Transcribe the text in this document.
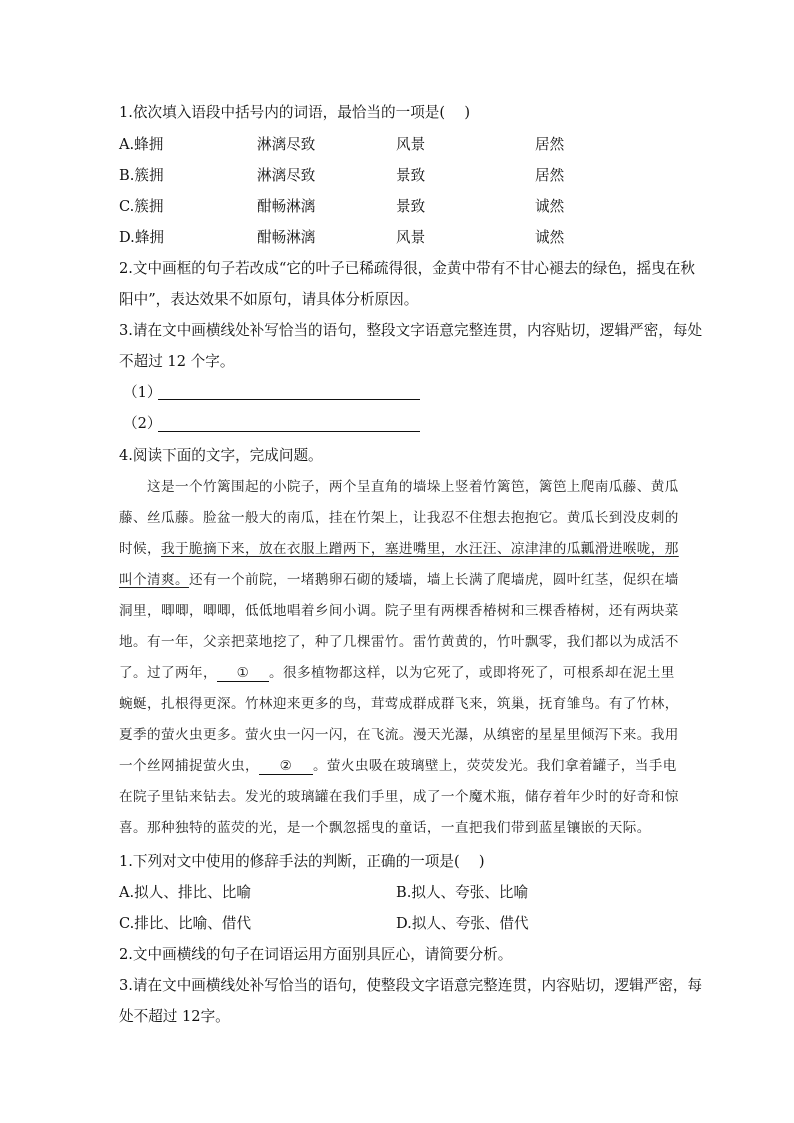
1.依次填入语段中括号内的词语，最恰当的一项是(　 )
A.蜂拥	淋漓尽致	风景	居然
B.簇拥	淋漓尽致	景致	居然
C.簇拥	酣畅淋漓	景致	诚然
D.蜂拥	酣畅淋漓	风景	诚然
2.文中画框的句子若改成“它的叶子已稀疏得很，金黄中带有不甘心褪去的绿色，摇曳在秋
阳中”，表达效果不如原句，请具体分析原因。
3.请在文中画横线处补写恰当的语句，整段文字语意完整连贯，内容贴切，逻辑严密，每处
不超过 12 个字。
（1）
（2）
4.阅读下面的文字，完成问题。
这是一个竹篱围起的小院子，两个呈直角的墙垛上竖着竹篱笆，篱笆上爬南瓜藤、黄瓜
藤、丝瓜藤。脸盆一般大的南瓜，挂在竹架上，让我忍不住想去抱抱它。黄瓜长到没皮刺的
时候，我于脆摘下来，放在衣服上蹭两下，塞进嘴里，水汪汪、凉津津的瓜瓤滑进喉咙，那
叫个清爽。还有一个前院，一堵鹅卵石砌的矮墙，墙上长满了爬墙虎，圆叶红茎，促织在墙
洞里，唧唧，唧唧，低低地唱着乡间小调。院子里有两棵香椿树和三棵香椿树，还有两块菜
地。有一年，父亲把菜地挖了，种了几棵雷竹。雷竹黄黄的，竹叶飘零，我们都以为成活不
了。过了两年， ① 。很多植物都这样，以为它死了，或即将死了，可根系却在泥土里
蜿蜒，扎根得更深。竹林迎来更多的鸟，茸莺成群成群飞来，筑巢，抚育雏鸟。有了竹林，
夏季的萤火虫更多。萤火虫一闪一闪，在飞流。漫天光瀑，从缜密的星星里倾泻下来。我用
一个丝网捕捉萤火虫， ② 。萤火虫吸在玻璃壁上，荧荧发光。我们拿着罐子，当手电
在院子里钻来钻去。发光的玻璃罐在我们手里，成了一个魔术瓶，储存着年少时的好奇和惊
喜。那种独特的蓝荧的光，是一个飘忽摇曳的童话，一直把我们带到蓝星镶嵌的天际。
1.下列对文中使用的修辞手法的判断，正确的一项是(　 )
A.拟人、排比、比喻	B.拟人、夸张、比喻
C.排比、比喻、借代	D.拟人、夸张、借代
2.文中画横线的句子在词语运用方面别具匠心，请简要分析。
3.请在文中画横线处补写恰当的语句，使整段文字语意完整连贯，内容贴切，逻辑严密，每
处不超过 12字。
